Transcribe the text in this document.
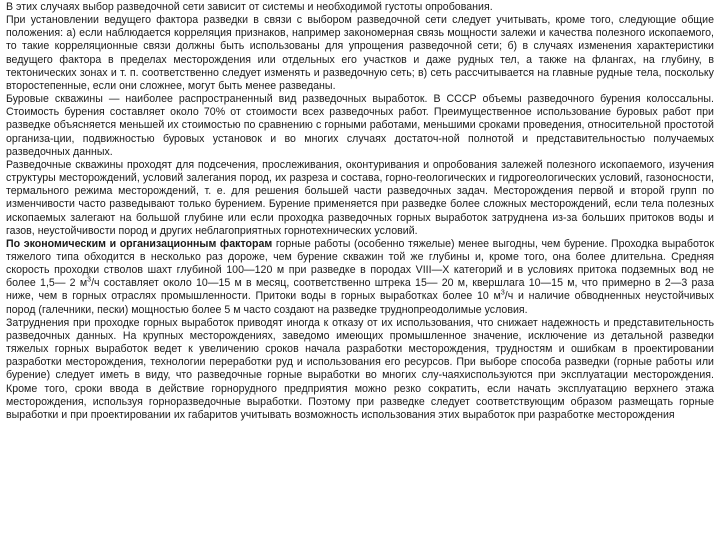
В этих случаях выбор разведочной сети зависит от системы и необходимой густоты опробования.

При установлении ведущего фактора разведки в связи с выбором разведочной сети следует учитывать, кроме того, следующие общие положения: а) если наблюдается корреляция признаков, например закономерная связь мощности залежи и качества полезного ископаемого, то такие корреляционные связи должны быть использованы для упрощения разведочной сети; б) в случаях изменения характеристики ведущего фактора в пределах месторождения или отдельных его участков и даже рудных тел, а также на флангах, на глубину, в тектонических зонах и т. п. соответственно следует изменять и разведочную сеть; в) сеть рассчитывается на главные рудные тела, поскольку второстепенные, если они сложнее, могут быть менее разведаны.

Буровые скважины — наиболее распространенный вид разведочных выработок. В СССР объемы разведочного бурения колоссальны. Стоимость бурения составляет около 70% от стоимости всех разведочных работ. Преимущественное использование буровых работ при разведке объясняется меньшей их стоимостью по сравнению с горными работами, меньшими сроками проведения, относительной простотой организа-ции, подвижностью буровых установок и во многих случаях достаточ-ной полнотой и представительностью получаемых разведочных данных.

Разведочные скважины проходят для подсечения, прослеживания, оконтуривания и опробования залежей полезного ископаемого, изучения структуры месторождений, условий залегания пород, их разреза и состава, горно-геологических и гидрогеологических условий, газоносности, термального режима месторождений, т. е. для решения большей части разведочных задач. Месторождения первой и второй групп по изменчивости часто разведывают только бурением. Бурение применяется при разведке более сложных месторождений, если тела полезных ископаемых залегают на большой глубине или если проходка разведочных горных выработок затруднена из-за больших притоков воды и газов, неустойчивости пород и других неблагоприятных горнотехнических условий.

По экономическим и организационным факторам горные работы (особенно тяжелые) менее выгодны, чем бурение. Проходка выработок тяжелого типа обходится в несколько раз дороже, чем бурение скважин той же глубины и, кроме того, она более длительна. Средняя скорость проходки стволов шахт глубиной 100—120 м при разведке в породах VIII—X категорий и в условиях притока подземных вод не более 1,5— 2 $м^3/ч$ составляет около 10—15 м в месяц, соответственно штрека 15— 20 м, квершлага 10—15 м, что примерно в 2—3 раза ниже, чем в горных отраслях промышленности. Притоки воды в горных выработках более 10 $м^3/ч$ и наличие обводненных неустойчивых пород (галечники, пески) мощностью более 5 м часто создают на разведке труднопреодолимые условия.

Затруднения при проходке горных выработок приводят иногда к отказу от их использования, что снижает надежность и представительность разведочных данных. На крупных месторождениях, заведомо имеющих промышленное значение, исключение из детальной разведки тяжелых горных выработок ведет к увеличению сроков начала разработки месторождения, трудностям и ошибкам в проектировании разработки месторождения, технологии переработки руд и использования его ресурсов. При выборе способа разведки (горные работы или бурение) следует иметь в виду, что разведочные горные выработки во многих слу-чаяхиспользуются при эксплуатации месторождения. Кроме того, сроки ввода в действие горнорудного предприятия можно резко сократить, если начать эксплуатацию верхнего этажа месторождения, используя горноразведочные выработки. Поэтому при разведке следует соответствующим образом размещать горные выработки и при проектировании их габаритов учитывать возможность использования этих выработок при разработке месторождения
